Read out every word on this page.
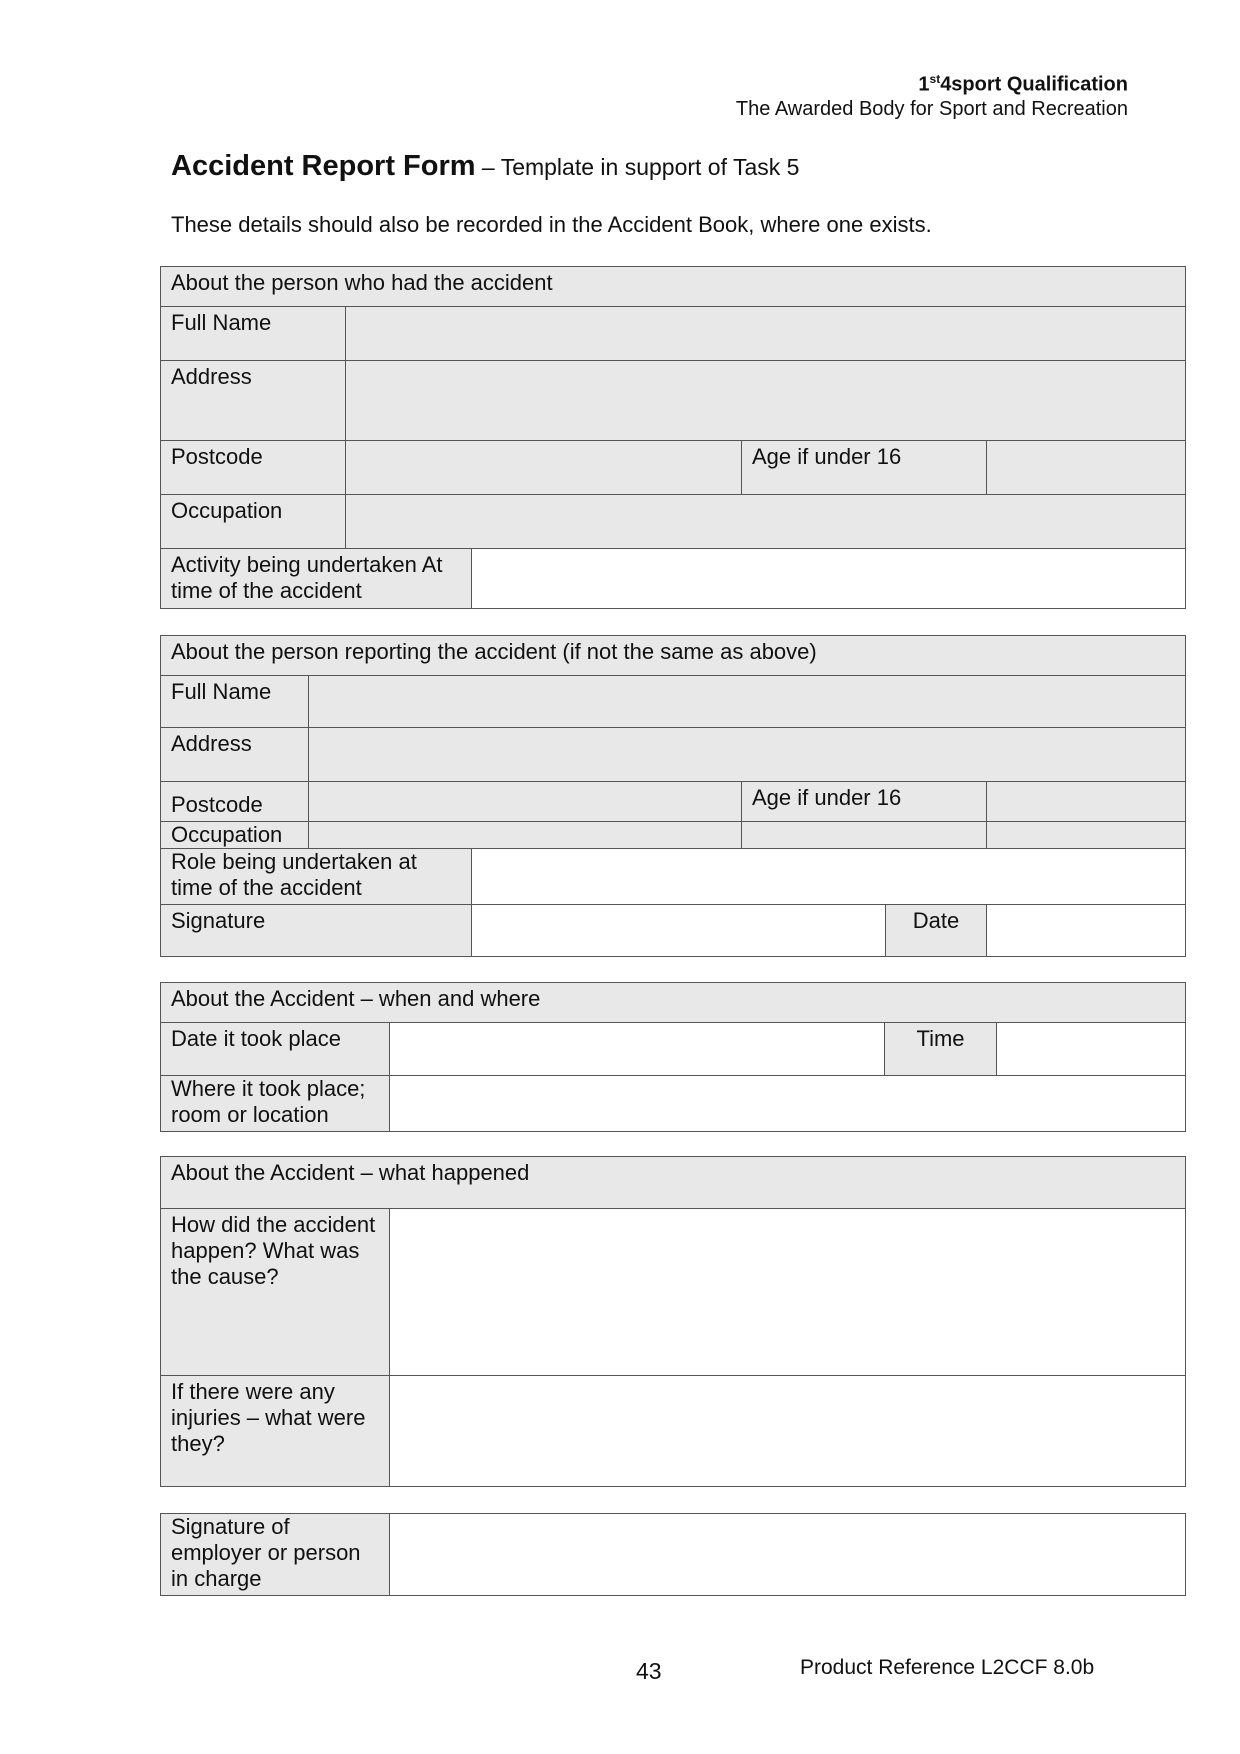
1st4sport Qualification
The Awarded Body for Sport and Recreation
Accident Report Form – Template in support of Task 5
These details should also be recorded in the Accident Book, where one exists.
About the person who had the accident				
Full Name				
Address				
Postcode			Age if under 16	
Occupation				
Activity being undertaken At time of the accident				
About the person reporting the accident (if not the same as above)					
Full Name					
Address					
Postcode			Age if under 16		
Occupation					
Role being undertaken at time of the accident					
Signature				Date	
About the Accident – when and where			
Date it took place		Time	
Where it took place; room or location			
About the Accident – what happened	
How did the accident happen? What was the cause?	
If there were any injuries – what were they?	
Signature of employer or person in charge	
43	Product Reference L2CCF 8.0b
